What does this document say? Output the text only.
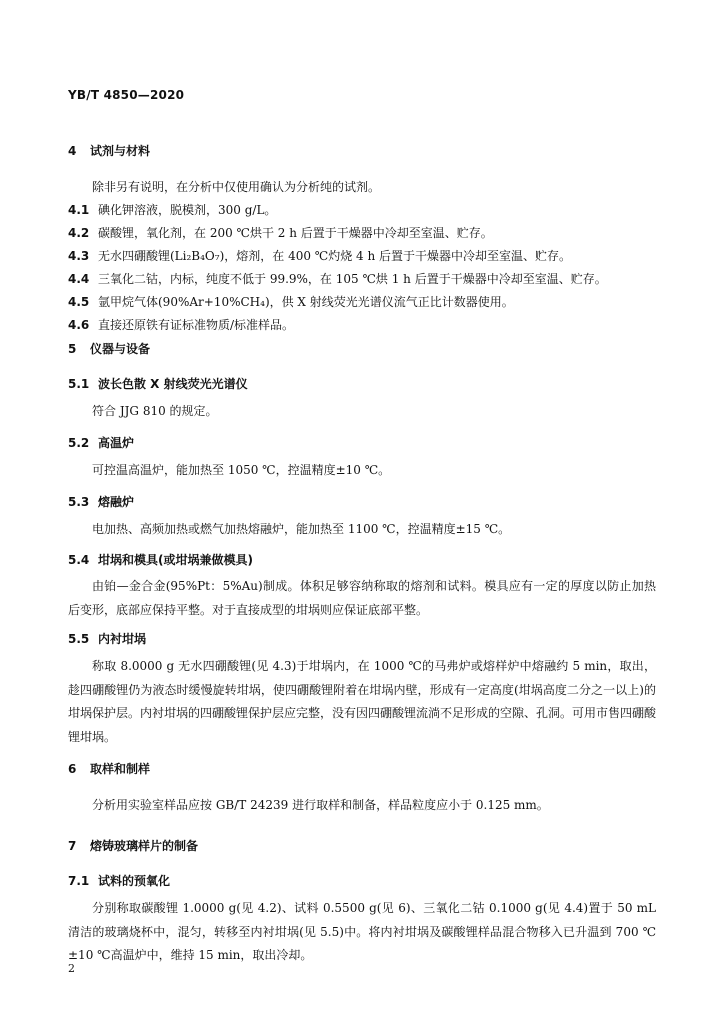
YB/T 4850—2020
4 试剂与材料
除非另有说明，在分析中仅使用确认为分析纯的试剂。
4.1 碘化钾溶液，脱模剂，300 g/L。
4.2 碳酸锂，氧化剂，在 200 ℃烘干 2 h 后置于干燥器中冷却至室温、贮存。
4.3 无水四硼酸锂(Li₂B₄O₇)，熔剂，在 400 ℃灼烧 4 h 后置于干燥器中冷却至室温、贮存。
4.4 三氧化二钴，内标，纯度不低于 99.9%，在 105 ℃烘 1 h 后置于干燥器中冷却至室温、贮存。
4.5 氩甲烷气体(90%Ar+10%CH₄)，供 X 射线荧光光谱仪流气正比计数器使用。
4.6 直接还原铁有证标准物质/标准样品。
5 仪器与设备
5.1 波长色散 X 射线荧光光谱仪
符合 JJG 810 的规定。
5.2 高温炉
可控温高温炉，能加热至 1050 ℃，控温精度±10 ℃。
5.3 熔融炉
电加热、高频加热或燃气加热熔融炉，能加热至 1100 ℃，控温精度±15 ℃。
5.4 坩埚和模具(或坩埚兼做模具)
由铂—金合金(95%Pt：5%Au)制成。体积足够容纳称取的熔剂和试料。模具应有一定的厚度以防止加热后变形，底部应保持平整。对于直接成型的坩埚则应保证底部平整。
5.5 内衬坩埚
称取 8.0000 g 无水四硼酸锂(见 4.3)于坩埚内，在 1000 ℃的马弗炉或熔样炉中熔融约 5 min，取出，趁四硼酸锂仍为液态时缓慢旋转坩埚，使四硼酸锂附着在坩埚内壁，形成有一定高度(坩埚高度二分之一以上)的坩埚保护层。内衬坩埚的四硼酸锂保护层应完整，没有因四硼酸锂流淌不足形成的空隙、孔洞。可用市售四硼酸锂坩埚。
6 取样和制样
分析用实验室样品应按 GB/T 24239 进行取样和制备，样品粒度应小于 0.125 mm。
7 熔铸玻璃样片的制备
7.1 试料的预氧化
分别称取碳酸锂 1.0000 g(见 4.2)、试料 0.5500 g(见 6)、三氧化二钴 0.1000 g(见 4.4)置于 50 mL 清洁的玻璃烧杯中，混匀，转移至内衬坩埚(见 5.5)中。将内衬坩埚及碳酸锂样品混合物移入已升温到 700 ℃±10 ℃高温炉中，维持 15 min，取出冷却。
2
